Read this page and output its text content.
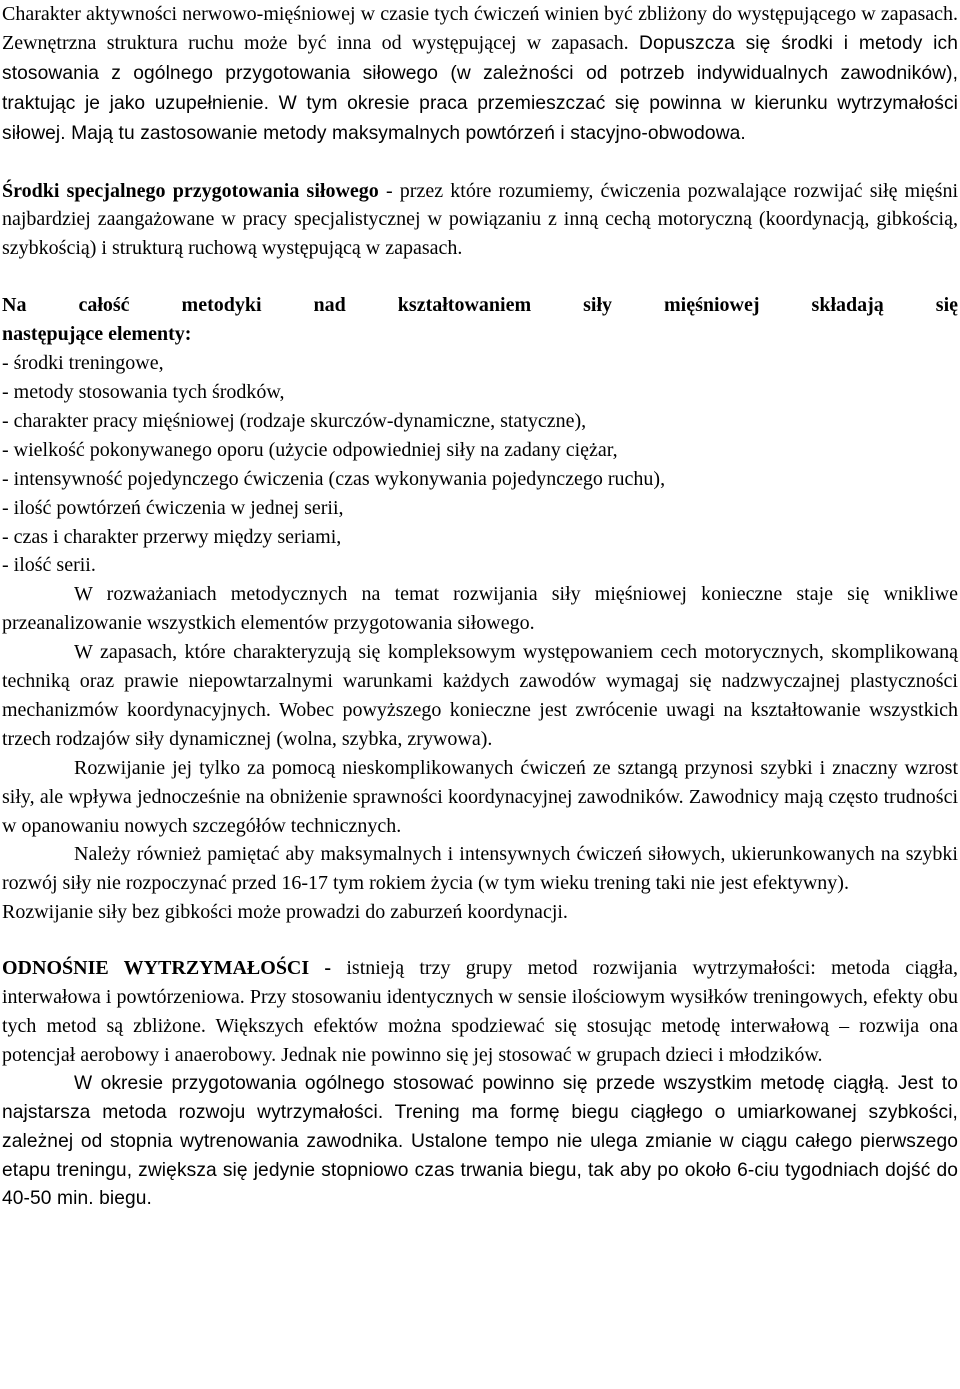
Charakter aktywności nerwowo-mięśniowej w czasie tych ćwiczeń winien być zbliżony do występującego w zapasach. Zewnętrzna struktura ruchu może być inna od występującej w zapasach. Dopuszcza się środki i metody ich stosowania z ogólnego przygotowania siłowego (w zależności od potrzeb indywidualnych zawodników), traktując je jako uzupełnienie. W tym okresie praca przemieszczać się powinna w kierunku wytrzymałości siłowej. Mają tu zastosowanie metody maksymalnych powtórzeń i stacyjno-obwodowa.

Środki specjalnego przygotowania siłowego - przez które rozumiemy, ćwiczenia pozwalające rozwijać siłę mięśni najbardziej zaangażowane w pracy specjalistycznej w powiązaniu z inną cechą motoryczną (koordynacją, gibkością, szybkością) i strukturą ruchową występującą w zapasach.

Na całość metodyki nad kształtowaniem siły mięśniowej składają się

następujące elementy:

- środki treningowe,
- metody stosowania tych środków,
- charakter pracy mięśniowej (rodzaje skurczów-dynamiczne, statyczne),
- wielkość pokonywanego oporu (użycie odpowiedniej siły na zadany ciężar,
- intensywność pojedynczego ćwiczenia (czas wykonywania pojedynczego ruchu),
- ilość powtórzeń ćwiczenia w jednej serii,
- czas i charakter przerwy między seriami,
- ilość serii.

W rozważaniach metodycznych na temat rozwijania siły mięśniowej konieczne staje się wnikliwe przeanalizowanie wszystkich elementów przygotowania siłowego.

W zapasach, które charakteryzują się kompleksowym występowaniem cech motorycznych, skomplikowaną techniką oraz prawie niepowtarzalnymi warunkami każdych zawodów wymagaj się nadzwyczajnej plastyczności mechanizmów koordynacyjnych. Wobec powyższego konieczne jest zwrócenie uwagi na kształtowanie wszystkich trzech rodzajów siły dynamicznej (wolna, szybka, zrywowa).

Rozwijanie jej tylko za pomocą nieskomplikowanych ćwiczeń ze sztangą przynosi szybki i znaczny wzrost siły, ale wpływa jednocześnie na obniżenie sprawności koordynacyjnej zawodników. Zawodnicy mają często trudności w opanowaniu nowych szczegółów technicznych.

Należy również pamiętać aby maksymalnych i intensywnych ćwiczeń siłowych, ukierunkowanych na szybki rozwój siły nie rozpoczynać przed 16-17 tym rokiem życia (w tym wieku trening taki nie jest efektywny).

Rozwijanie siły bez gibkości może prowadzi do zaburzeń koordynacji.

ODNOŚNIE WYTRZYMAŁOŚCI - istnieją trzy grupy metod rozwijania wytrzymałości: metoda ciągła, interwałowa i powtórzeniowa. Przy stosowaniu identycznych w sensie ilościowym wysiłków treningowych, efekty obu tych metod są zbliżone. Większych efektów można spodziewać się stosując metodę interwałową – rozwija ona potencjał aerobowy i anaerobowy. Jednak nie powinno się jej stosować w grupach dzieci i młodzików.

W okresie przygotowania ogólnego stosować powinno się przede wszystkim metodę ciągłą. Jest to najstarsza metoda rozwoju wytrzymałości. Trening ma formę biegu ciągłego o umiarkowanej szybkości, zależnej od stopnia wytrenowania zawodnika. Ustalone tempo nie ulega zmianie w ciągu całego pierwszego etapu treningu, zwiększa się jedynie stopniowo czas trwania biegu, tak aby po około 6-ciu tygodniach dojść do 40-50 min. biegu.
